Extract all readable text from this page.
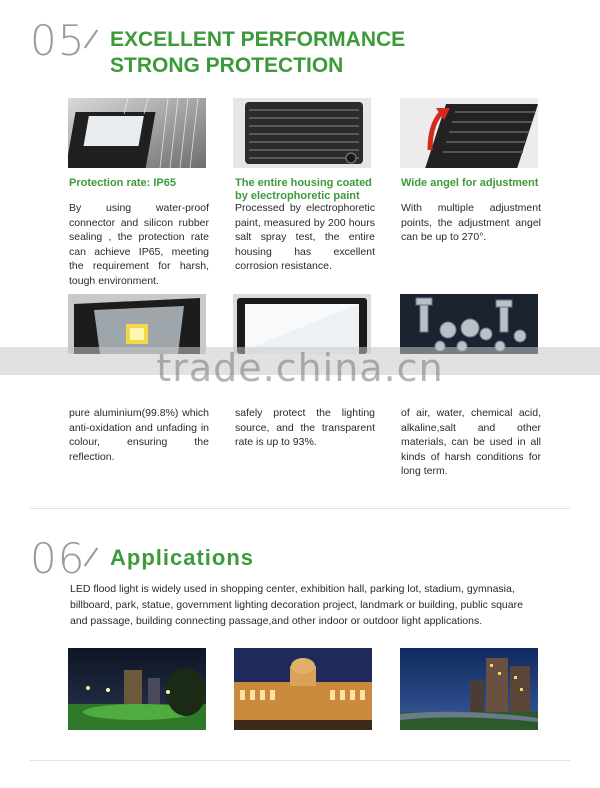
05 EXCELLENT PERFORMANCE
STRONG PROTECTION
Protection rate: IP65
By using water-proof connector and silicon rubber sealing , the protection rate can achieve IP65, meeting the requirement for harsh, tough environment.
The entire housing coated by electrophoretic paint
Processed by electrophoretic paint, measured by 200 hours salt spray test, the entire housing has excellent corrosion resistance.
Wide angel for adjustment
With multiple adjustment points, the adjustment angel can be up to 270°.
trade.china.cn
pure aluminium(99.8%) which anti-oxidation and unfading in colour, ensuring the reflection.
safely protect the lighting source, and the transparent rate is up to 93%.
of air, water, chemical acid, alkaline,salt and other materials, can be used in all kinds of harsh conditions for long term.
06 Applications
LED flood light is widely used in shopping center, exhibition hall, parking lot, stadium, gymnasia, billboard, park, statue, government lighting decoration project, landmark or building, public square and passage, building connecting passage,and other indoor or outdoor light applications.
